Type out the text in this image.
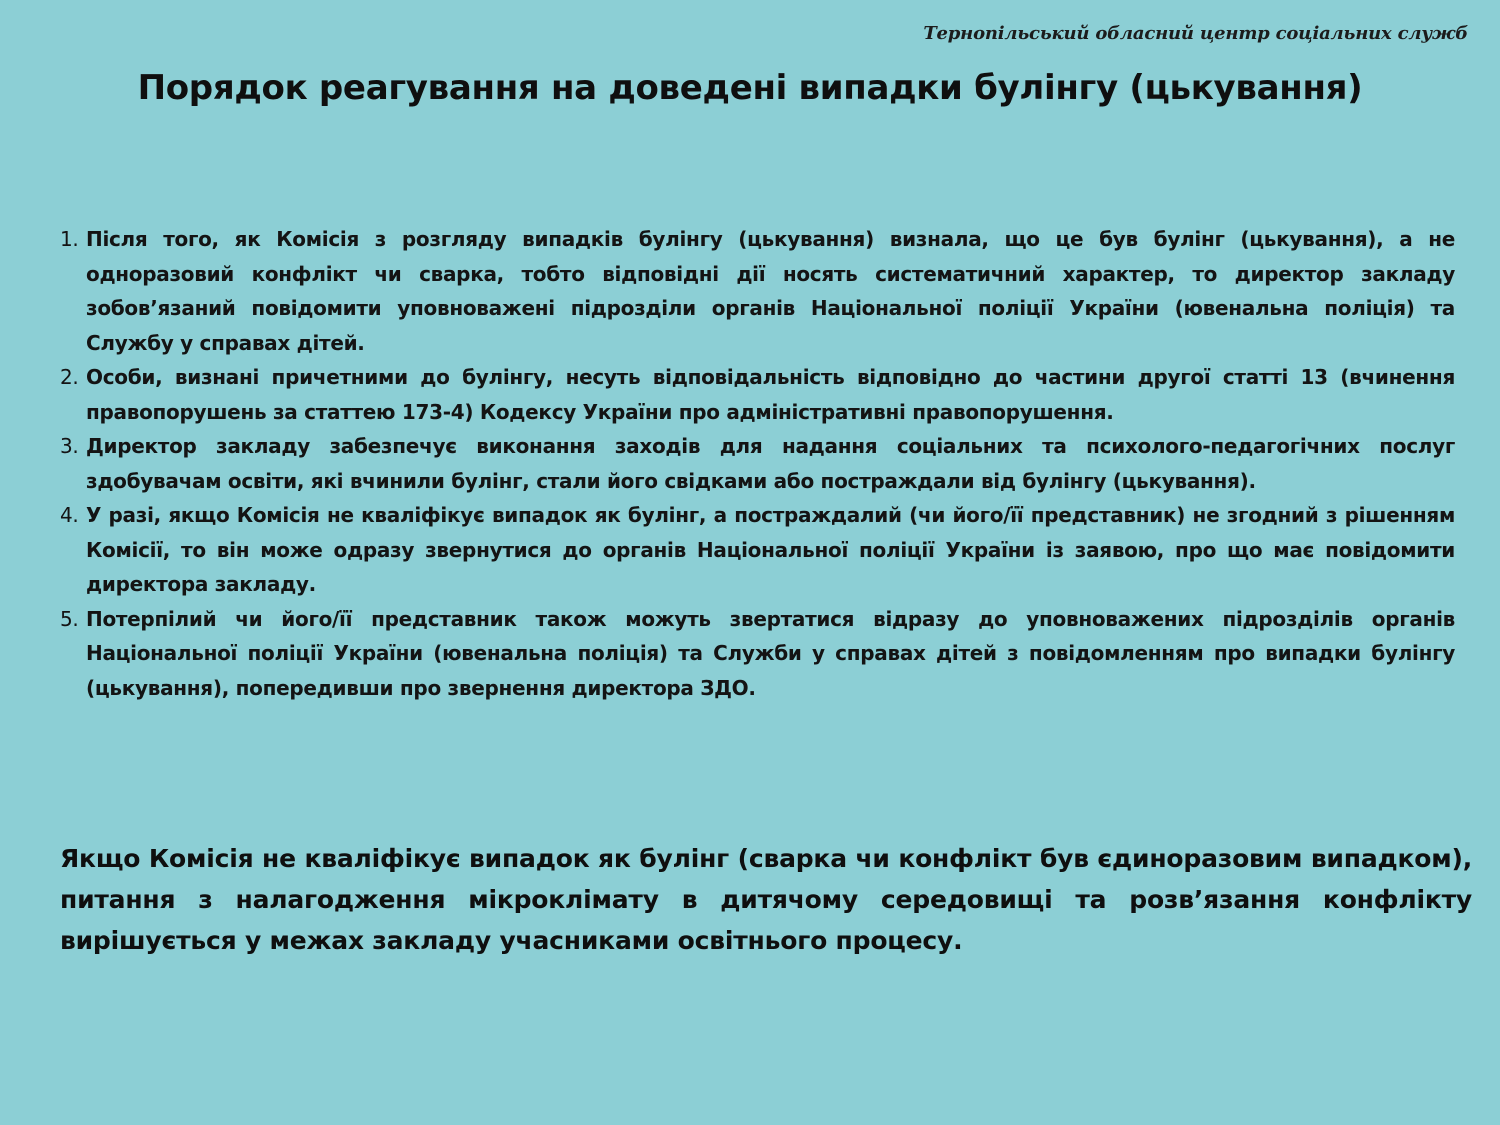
Тернопільський обласний центр соціальних служб
Порядок реагування на доведені випадки булінгу (цькування)
1. Після того, як Комісія з розгляду випадків булінгу (цькування) визнала, що це був булінг (цькування), а не одноразовий конфлікт чи сварка, тобто відповідні дії носять систематичний характер, то директор закладу зобов’язаний повідомити уповноважені підрозділи органів Національної поліції України (ювенальна поліція) та Службу у справах дітей.
2. Особи, визнані причетними до булінгу, несуть відповідальність відповідно до частини другої статті 13 (вчинення правопорушень за статтею 173-4) Кодексу України про адміністративні правопорушення.
3. Директор закладу забезпечує виконання заходів для надання соціальних та психолого-педагогічних послуг здобувачам освіти, які вчинили булінг, стали його свідками або постраждали від булінгу (цькування).
4. У разі, якщо Комісія не кваліфікує випадок як булінг, а постраждалий (чи його/її представник) не згодний з рішенням Комісії, то він може одразу звернутися до органів Національної поліції України із заявою, про що має повідомити директора закладу.
5. Потерпілий чи його/її представник також можуть звертатися відразу до уповноважених підрозділів органів Національної поліції України (ювенальна поліція) та Служби у справах дітей з повідомленням про випадки булінгу (цькування), попередивши про звернення директора ЗДО.

Якщо Комісія не кваліфікує випадок як булінг (сварка чи конфлікт був єдиноразовим випадком), питання з налагодження мікроклімату в дитячому середовищі та розв’язання конфлікту вирішується у межах закладу учасниками освітнього процесу.
